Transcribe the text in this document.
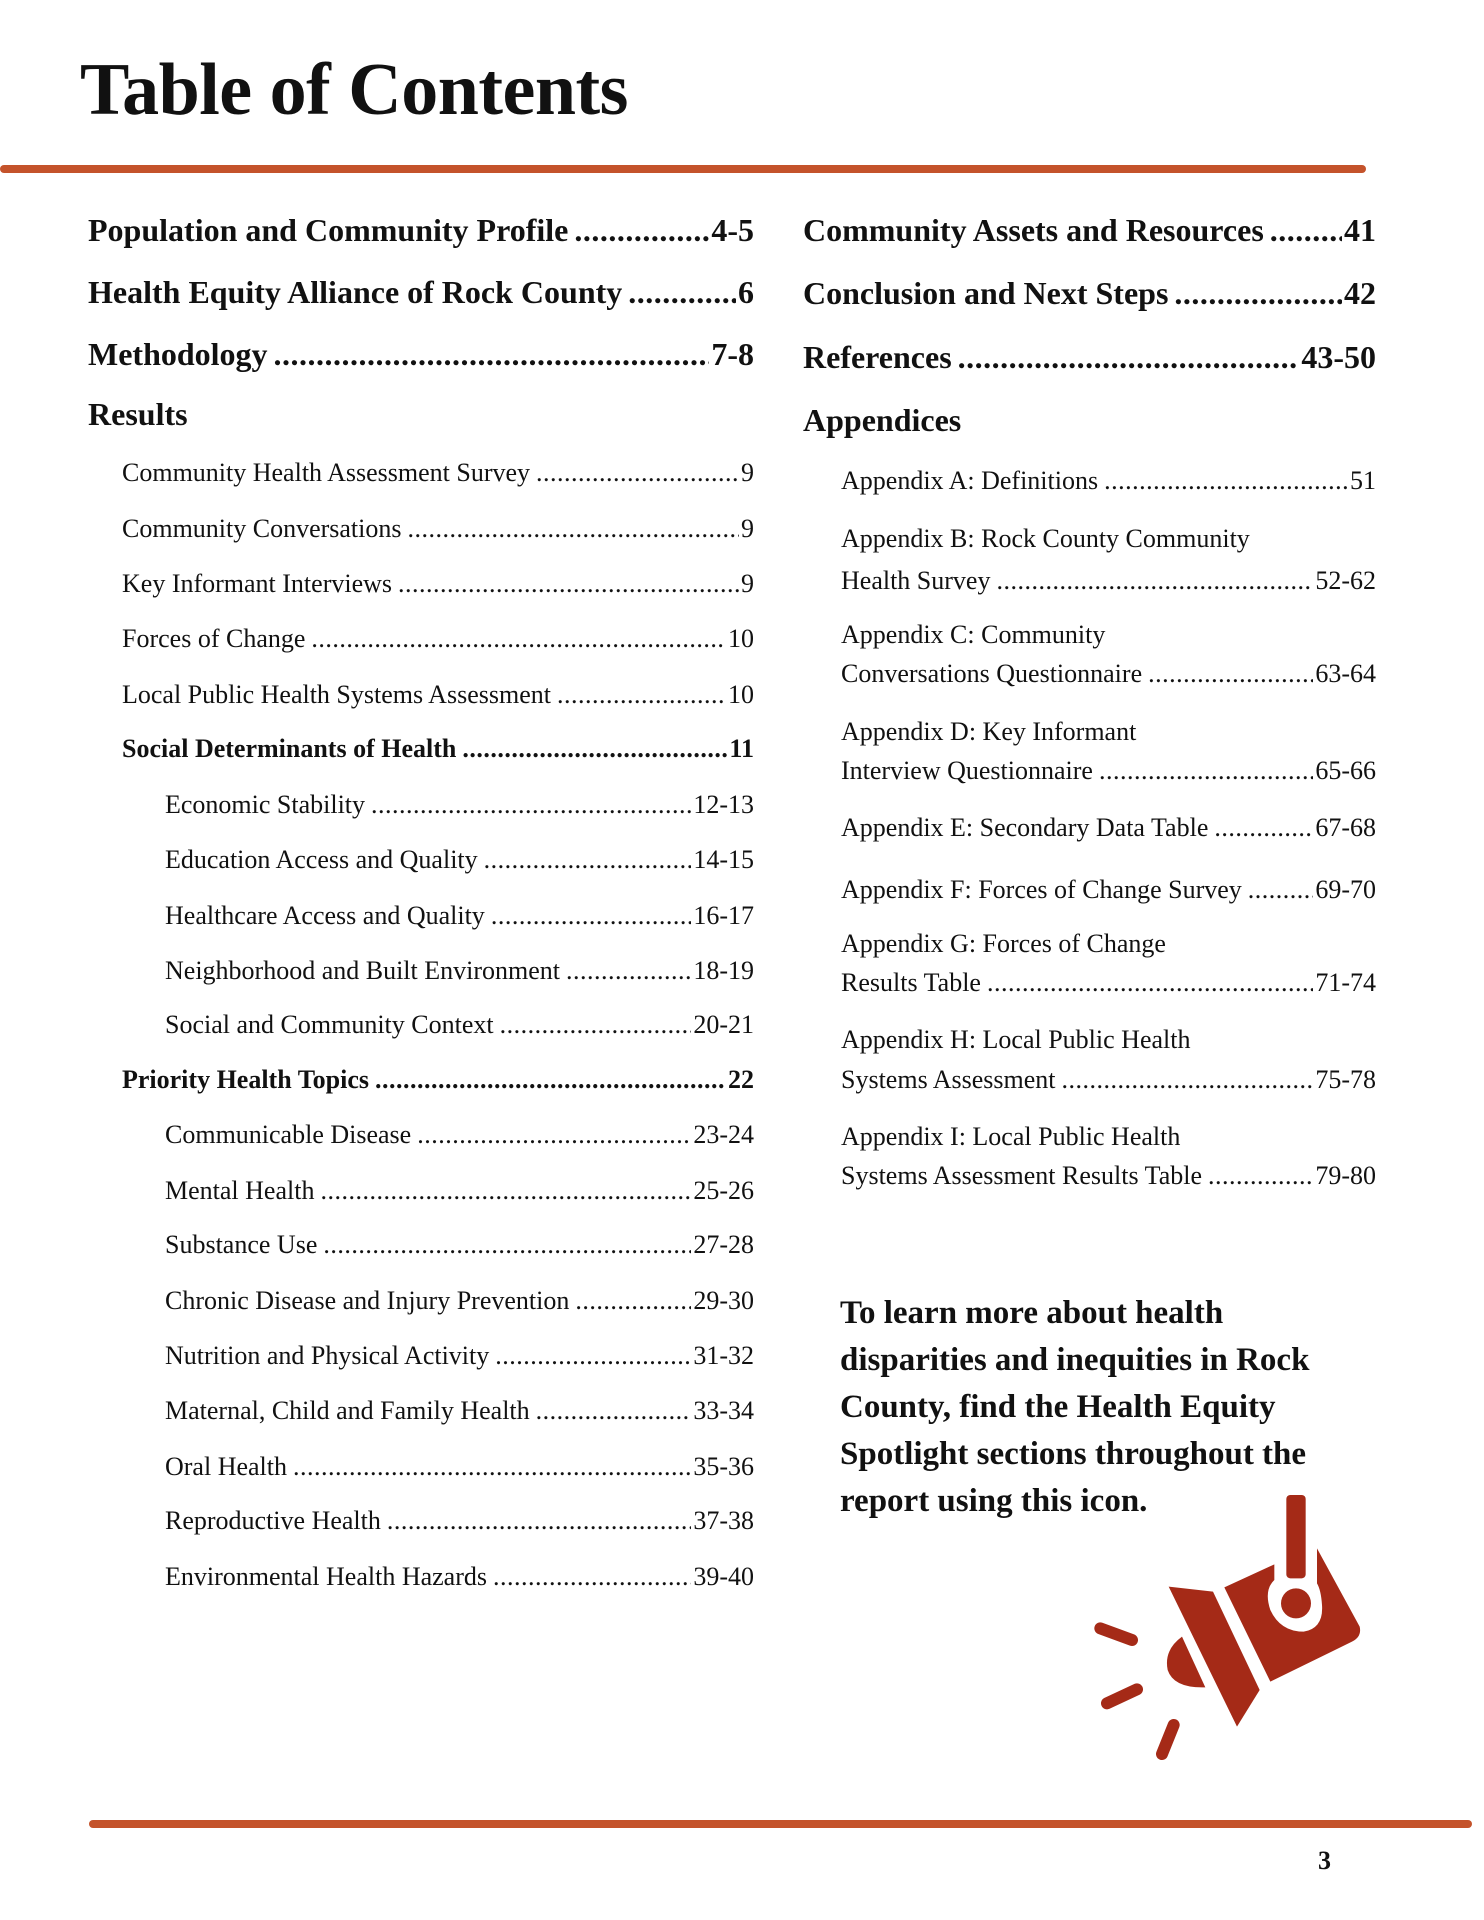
Table of Contents
Population and Community Profile .....	4-5
Health Equity Alliance of Rock County .....	6
Methodology .....	7-8
Results
Community Health Assessment Survey .....	9
Community Conversations .....	9
Key Informant Interviews .....	9
Forces of Change .....	10
Local Public Health Systems Assessment .....	10
Social Determinants of Health .....	11
Economic Stability .....	12-13
Education Access and Quality .....	14-15
Healthcare Access and Quality .....	16-17
Neighborhood and Built Environment .....	18-19
Social and Community Context .....	20-21
Priority Health Topics .....	22
Communicable Disease .....	23-24
Mental Health .....	25-26
Substance Use .....	27-28
Chronic Disease and Injury Prevention .....	29-30
Nutrition and Physical Activity .....	31-32
Maternal, Child and Family Health .....	33-34
Oral Health .....	35-36
Reproductive Health .....	37-38
Environmental Health Hazards .....	39-40
Community Assets and Resources .....	41
Conclusion and Next Steps .....	42
References .....	43-50
Appendices
Appendix A: Definitions .....	51
Appendix B: Rock County Community
Health Survey .....	52-62
Appendix C: Community
Conversations Questionnaire .....	63-64
Appendix D: Key Informant
Interview Questionnaire .....	65-66
Appendix E: Secondary Data Table .....	67-68
Appendix F: Forces of Change Survey .....	69-70
Appendix G: Forces of Change
Results Table .....	71-74
Appendix H: Local Public Health
Systems Assessment .....	75-78
Appendix I: Local Public Health
Systems Assessment Results Table .....	79-80
To learn more about health disparities and inequities in Rock County, find the Health Equity Spotlight sections throughout the report using this icon.
3
